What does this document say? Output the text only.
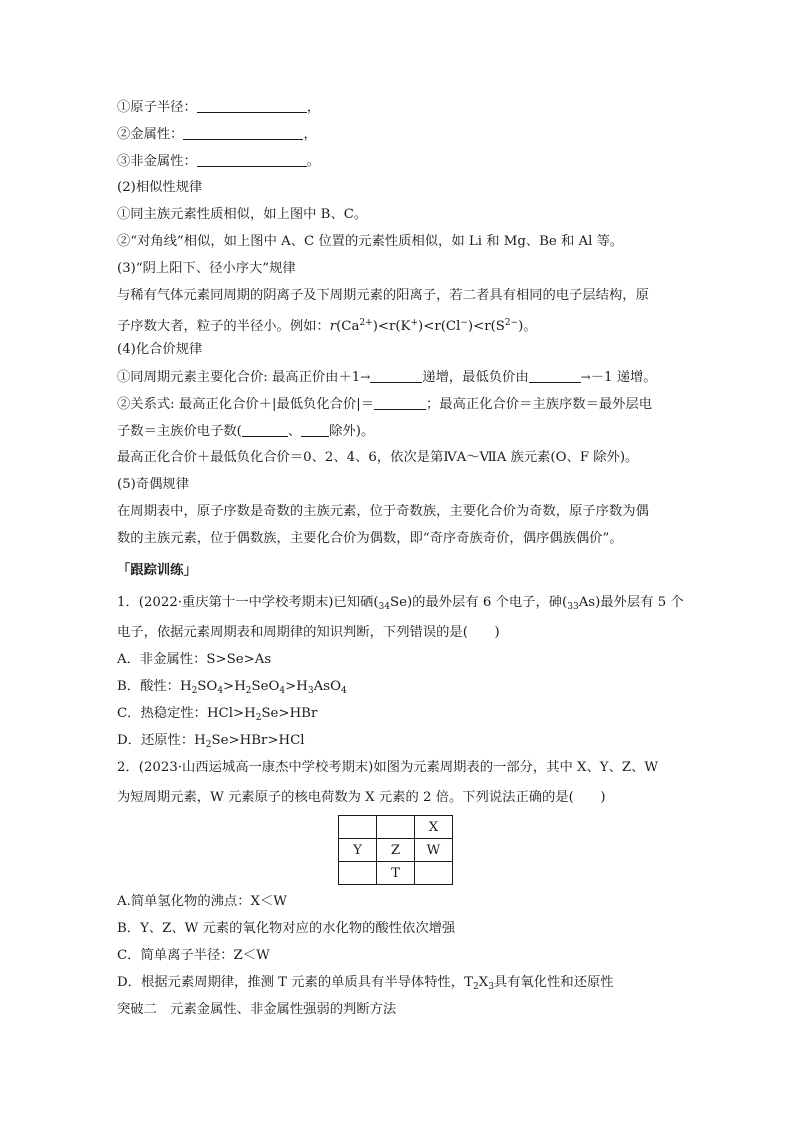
①原子半径：	，
②金属性：	，
③非金属性：	。
(2)相似性规律
①同主族元素性质相似，如上图中 B、C。
②“对角线”相似，如上图中 A、C 位置的元素性质相似，如 Li 和 Mg、Be 和 Al 等。
(3)“阴上阳下、径小序大”规律
与稀有气体元素同周期的阴离子及下周期元素的阳离子，若二者具有相同的电子层结构，原
子序数大者，粒子的半径小。例如：$r(Ca^{2+})<r(K^+)<r(Cl^-)<r(S^{2-})$。
(4)化合价规律
①同周期元素主要化合价: 最高正价由＋1→	递增，最低负价由	→－1 递增。
②关系式: 最高正化合价＋|最低负化合价|＝	；最高正化合价＝主族序数＝最外层电
子数＝主族价电子数(	、 除外)。
最高正化合价＋最低负化合价＝0、2、4、6，依次是第ⅣA～ⅦA 族元素(O、F 除外)。
(5)奇偶规律
在周期表中，原子序数是奇数的主族元素，位于奇数族，主要化合价为奇数，原子序数为偶
数的主族元素，位于偶数族，主要化合价为偶数，即“奇序奇族奇价，偶序偶族偶价”。
「跟踪训练」
1．(2022·重庆第十一中学校考期末)已知硒$(_{34}Se)$的最外层有 6 个电子，砷$(_{33}As)$最外层有 5 个
电子，依据元素周期表和周期律的知识判断，下列错误的是(　　)
A．非金属性：S>Se>As
B．酸性：$H_2SO_4>H_2SeO_4>H_3AsO_4$
C．热稳定性：$HCl>H_2Se>HBr$
D．还原性：$H_2Se>HBr>HCl$
2．(2023·山西运城高一康杰中学校考期末)如图为元素周期表的一部分，其中 X、Y、Z、W
为短周期元素，W 元素原子的核电荷数为 X 元素的 2 倍。下列说法正确的是(　　)
		X
Y	Z	W
	T	
A.简单氢化物的沸点：X＜W
B．Y、Z、W 元素的氧化物对应的水化物的酸性依次增强
C．简单离子半径：Z＜W
D．根据元素周期律，推测 T 元素的单质具有半导体特性，$T_2X_3$具有氧化性和还原性
突破二　元素金属性、非金属性强弱的判断方法
